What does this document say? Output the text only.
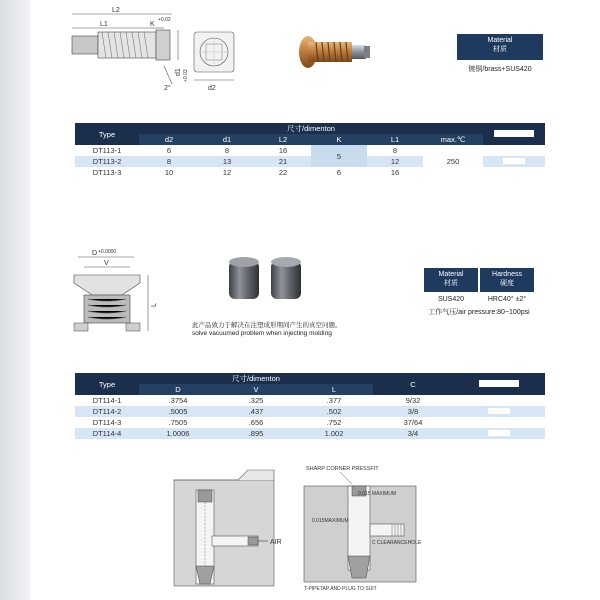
L2
L1	K
+0.02
2°	d2
d1 +0.03
Material
材质
镀铜/brass+SUS420
Type	尺寸/dimenton						
	d2	d1	L2	K	L1	max.℃	
DT113-1	6	8	16	5	8	250	
DT113-2	8	13	21		12		
DT113-3	10	12	22	6	16		
D +0.0000
V
L
Material
材质
Hardness
硬度
SUS420	HRC40° ±2°
工作气压/air pressure:80~100psi
此产品致力于解决在注塑成形期间产生的真空问题。
solve vacuumed problem when injecting molding
Type	尺寸/dimenton			C	
	D	V	L		
DT114-1	.3754	.325	.377	9/32	
DT114-2	.5005	.437	.502	3/8	
DT114-3	.7505	.656	.752	37/64	
DT114-4	1.0006	.895	1.002	3/4	
AIR
SHARP CORNER PRESSFIT
0.015 MAXIMUM
0.015MAXIMUM
C CLEARANCEHOLE
T-PIPETAP AND PLUG TO SUIT
